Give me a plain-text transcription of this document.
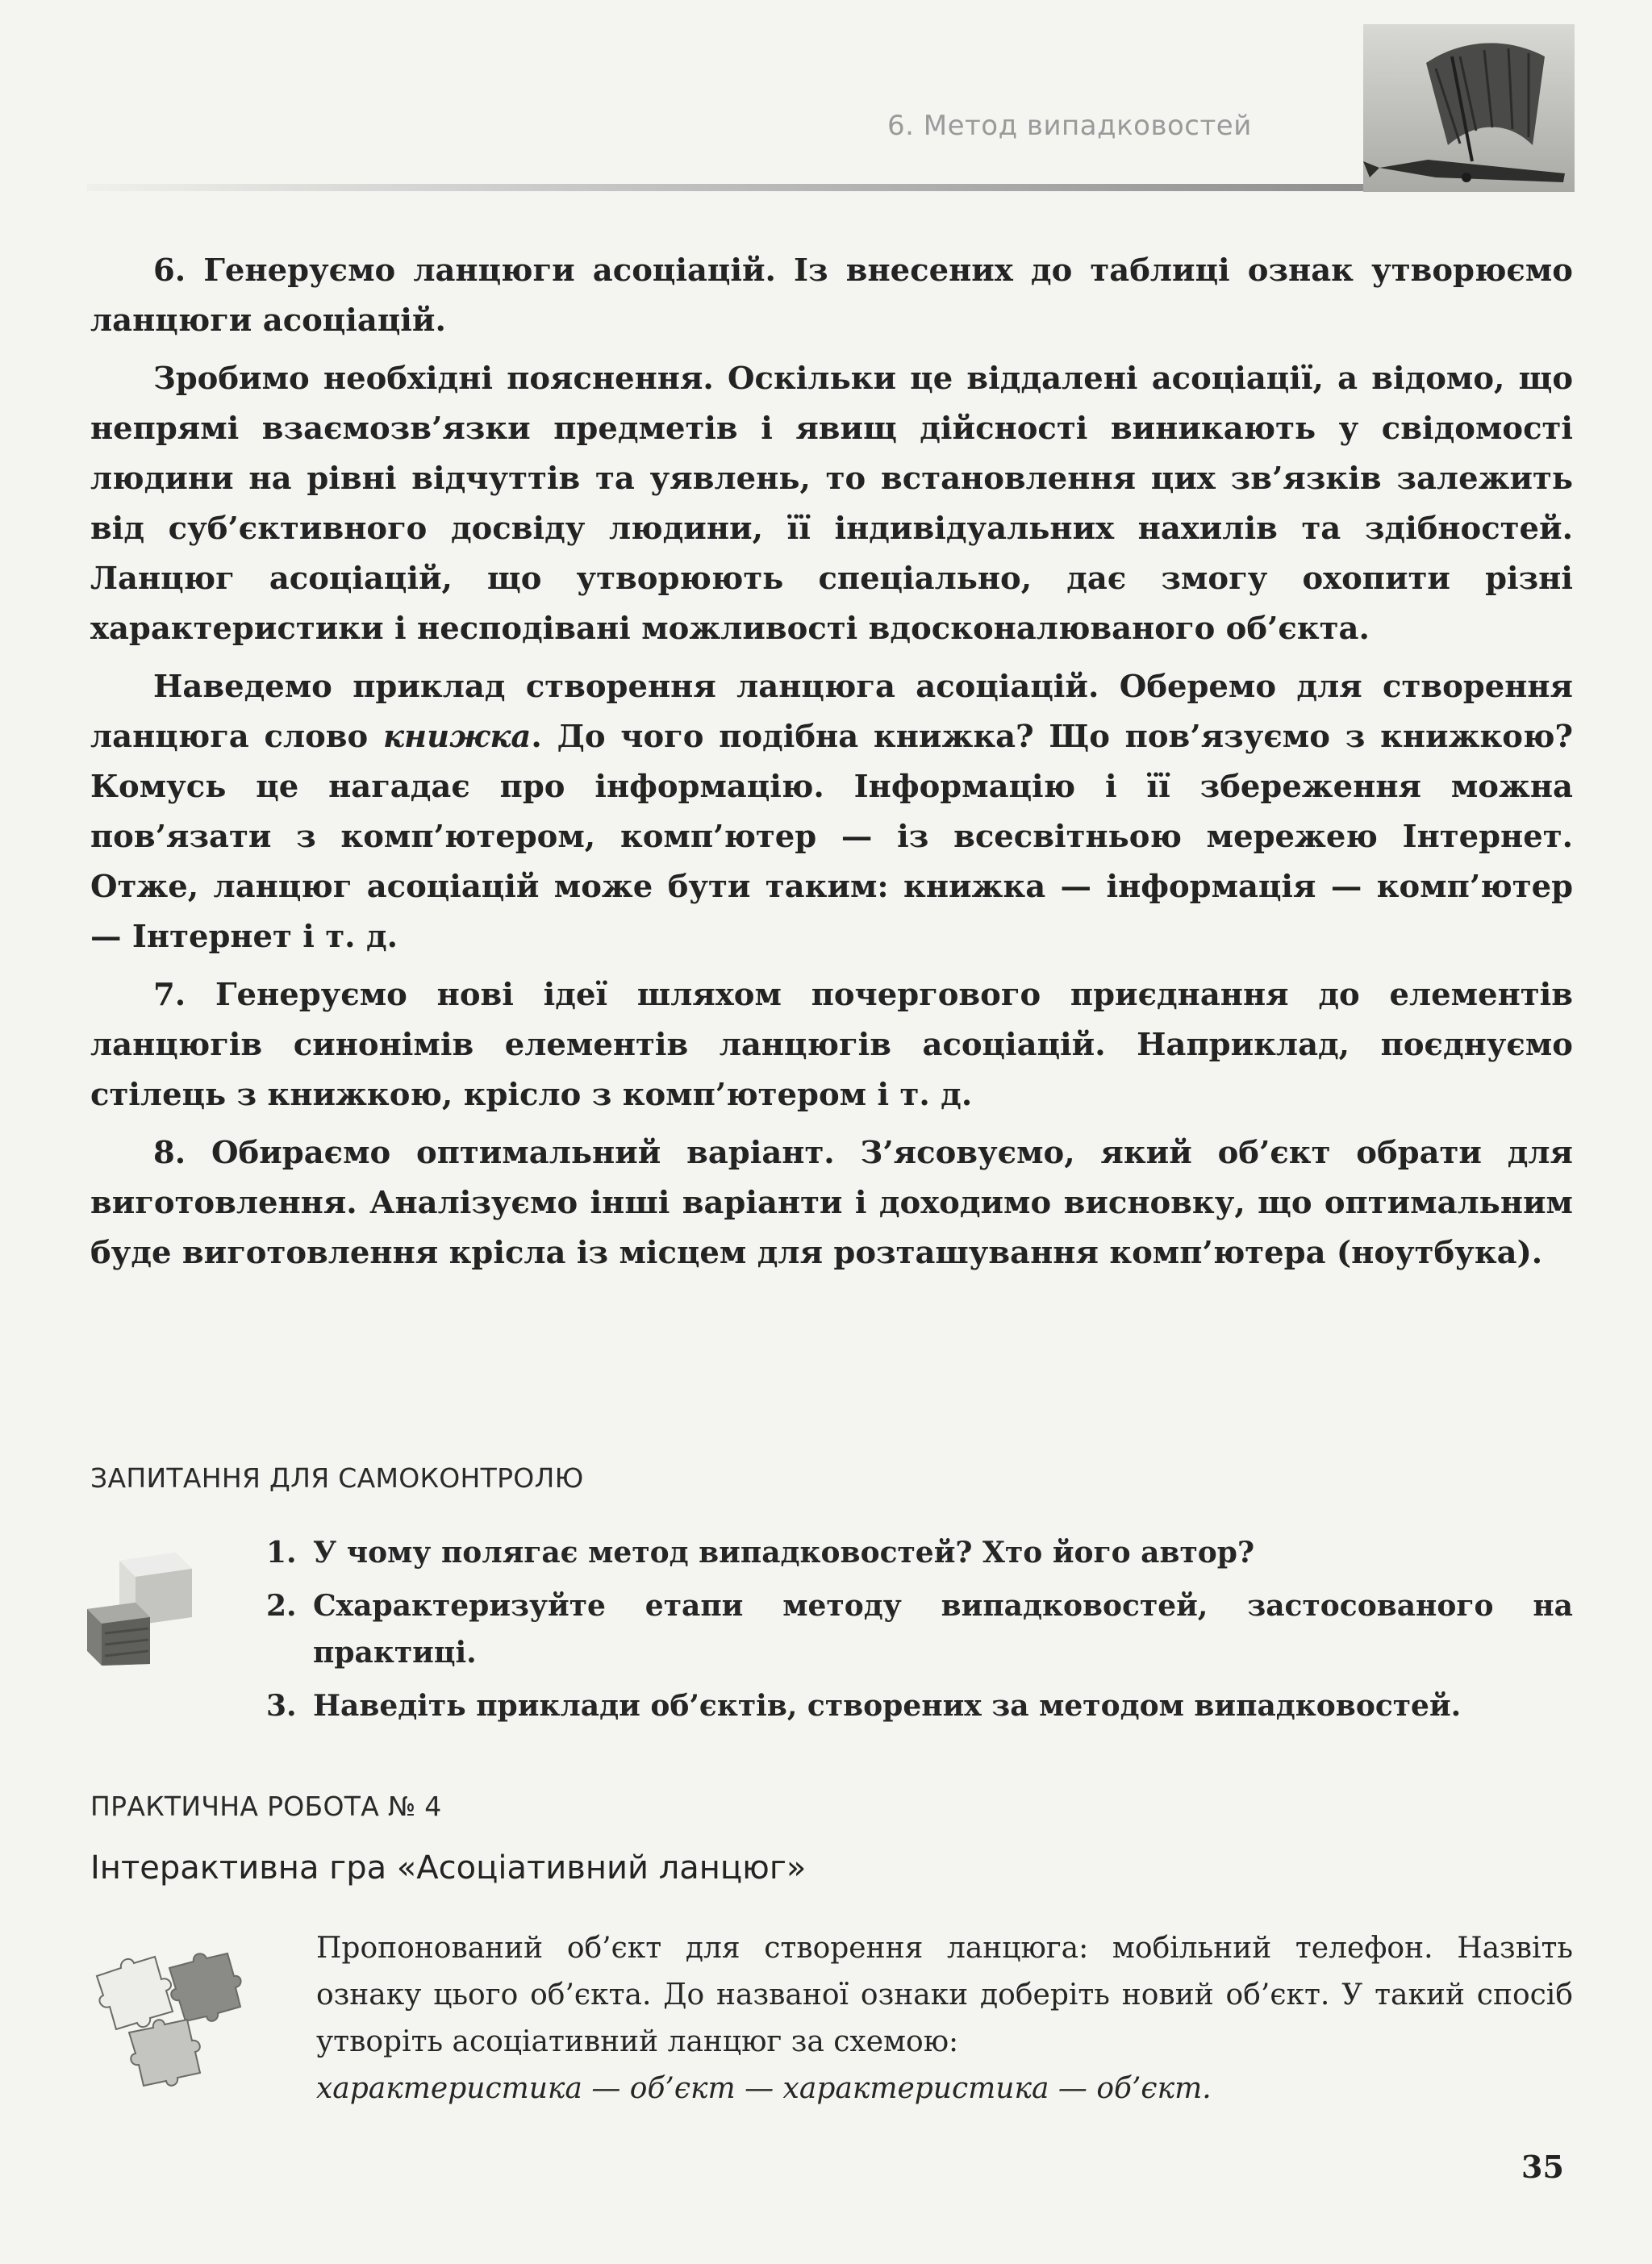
6. Метод випадковостей

6. Генеруємо ланцюги асоціацій. Із внесених до таблиці ознак утворюємо ланцюги асоціацій.

Зробимо необхідні пояснення. Оскільки це віддалені асоціації, а відомо, що непрямі взаємозв’язки предметів і явищ дійсності виникають у свідомості людини на рівні відчуттів та уявлень, то встановлення цих зв’язків залежить від суб’єктивного досвіду людини, її індивідуальних нахилів та здібностей. Ланцюг асоціацій, що утворюють спеціально, дає змогу охопити різні характеристики і несподівані можливості вдосконалюваного об’єкта.

Наведемо приклад створення ланцюга асоціацій. Оберемо для створення ланцюга слово книжка. До чого подібна книжка? Що пов’язуємо з книжкою? Комусь це нагадає про інформацію. Інформацію і її збереження можна пов’язати з комп’ютером, комп’ютер — із всесвітньою мережею Інтернет. Отже, ланцюг асоціацій може бути таким: книжка — інформація — комп’ютер — Інтернет і т. д.

7. Генеруємо нові ідеї шляхом почергового приєднання до елементів ланцюгів синонімів елементів ланцюгів асоціацій. Наприклад, поєднуємо стілець з книжкою, крісло з комп’ютером і т. д.

8. Обираємо оптимальний варіант. З’ясовуємо, який об’єкт обрати для виготовлення. Аналізуємо інші варіанти і доходимо висновку, що оптимальним буде виготовлення крісла із місцем для розташування комп’ютера (ноутбука).

ЗАПИТАННЯ ДЛЯ САМОКОНТРОЛЮ
1. У чому полягає метод випадковостей? Хто його автор?
2. Схарактеризуйте етапи методу випадковостей, застосованого на практиці.
3. Наведіть приклади об’єктів, створених за методом випадковостей.
ПРАКТИЧНА РОБОТА № 4
Інтерактивна гра «Асоціативний ланцюг»
Пропонований об’єкт для створення ланцюга: мобільний телефон. Назвіть ознаку цього об’єкта. До названої ознаки доберіть новий об’єкт. У такий спосіб утворіть асоціативний ланцюг за схемою:
характеристика — об’єкт — характеристика — об’єкт.
35
